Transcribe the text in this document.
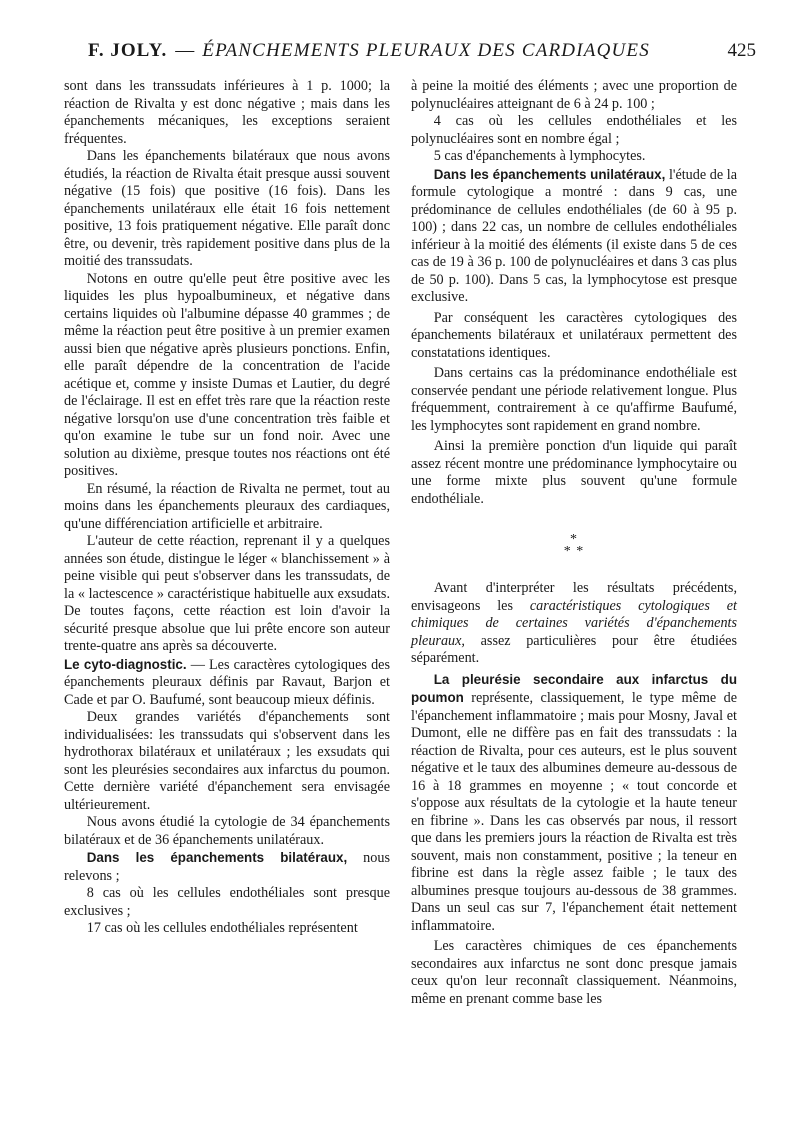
F. JOLY. — ÉPANCHEMENTS PLEURAUX DES CARDIAQUES	425

sont dans les transsudats inférieures à 1 p. 1000; la réaction de Rivalta y est donc négative ; mais dans les épanchements mécaniques, les exceptions seraient fréquentes.

Dans les épanchements bilatéraux que nous avons étudiés, la réaction de Rivalta était presque aussi souvent négative (15 fois) que positive (16 fois). Dans les épanchements unilatéraux elle était 16 fois nettement positive, 13 fois pratiquement négative. Elle paraît donc être, ou devenir, très rapidement positive dans plus de la moitié des transsudats.

Notons en outre qu'elle peut être positive avec les liquides les plus hypoalbumineux, et négative dans certains liquides où l'albumine dépasse 40 grammes ; de même la réaction peut être positive à un premier examen aussi bien que négative après plusieurs ponctions. Enfin, elle paraît dépendre de la concentration de l'acide acétique et, comme y insiste Dumas et Lautier, du degré de l'éclairage. Il est en effet très rare que la réaction reste négative lorsqu'on use d'une concentration très faible et qu'on examine le tube sur un fond noir. Avec une solution au dixième, presque toutes nos réactions ont été positives.

En résumé, la réaction de Rivalta ne permet, tout au moins dans les épanchements pleuraux des cardiaques, qu'une différenciation artificielle et arbitraire.

L'auteur de cette réaction, reprenant il y a quelques années son étude, distingue le léger « blanchissement » à peine visible qui peut s'observer dans les transsudats, de la « lactescence » caractéristique habituelle aux exsudats. De toutes façons, cette réaction est loin d'avoir la sécurité presque absolue que lui prête encore son auteur trente-quatre ans après sa découverte.

Le cyto-diagnostic. — Les caractères cytologiques des épanchements pleuraux définis par Ravaut, Barjon et Cade et par O. Baufumé, sont beaucoup mieux définis.

Deux grandes variétés d'épanchements sont individualisées: les transsudats qui s'observent dans les hydrothorax bilatéraux et unilatéraux ; les exsudats qui sont les pleurésies secondaires aux infarctus du poumon. Cette dernière variété d'épanchement sera envisagée ultérieurement.

Nous avons étudié la cytologie de 34 épanchements bilatéraux et de 36 épanchements unilatéraux.

Dans les épanchements bilatéraux, nous relevons ;

8 cas où les cellules endothéliales sont presque exclusives ;

17 cas où les cellules endothéliales représentent

à peine la moitié des éléments ; avec une proportion de polynucléaires atteignant de 6 à 24 p. 100 ;

4 cas où les cellules endothéliales et les polynucléaires sont en nombre égal ;

5 cas d'épanchements à lymphocytes.

Dans les épanchements unilatéraux, l'étude de la formule cytologique a montré : dans 9 cas, une prédominance de cellules endothéliales (de 60 à 95 p. 100) ; dans 22 cas, un nombre de cellules endothéliales inférieur à la moitié des éléments (il existe dans 5 de ces cas de 19 à 36 p. 100 de polynucléaires et dans 3 cas plus de 50 p. 100). Dans 5 cas, la lymphocytose est presque exclusive.

Par conséquent les caractères cytologiques des épanchements bilatéraux et unilatéraux permettent des constatations identiques.

Dans certains cas la prédominance endothéliale est conservée pendant une période relativement longue. Plus fréquemment, contrairement à ce qu'affirme Baufumé, les lymphocytes sont rapidement en grand nombre.

Ainsi la première ponction d'un liquide qui paraît assez récent montre une prédominance lymphocytaire ou une forme mixte plus souvent qu'une formule endothéliale.

*
* *

Avant d'interpréter les résultats précédents, envisageons les caractéristiques cytologiques et chimiques de certaines variétés d'épanchements pleuraux, assez particulières pour être étudiées séparément.

La pleurésie secondaire aux infarctus du poumon représente, classiquement, le type même de l'épanchement inflammatoire ; mais pour Mosny, Javal et Dumont, elle ne diffère pas en fait des transsudats : la réaction de Rivalta, pour ces auteurs, est le plus souvent négative et le taux des albumines demeure au-dessous de 16 à 18 grammes en moyenne ; « tout concorde et s'oppose aux résultats de la cytologie et la haute teneur en fibrine ». Dans les cas observés par nous, il ressort que dans les premiers jours la réaction de Rivalta est très souvent, mais non constamment, positive ; la teneur en fibrine est dans la règle assez faible ; le taux des albumines presque toujours au-dessous de 38 grammes. Dans un seul cas sur 7, l'épanchement était nettement inflammatoire.

Les caractères chimiques de ces épanchements secondaires aux infarctus ne sont donc presque jamais ceux qu'on leur reconnaît classiquement. Néanmoins, même en prenant comme base les
